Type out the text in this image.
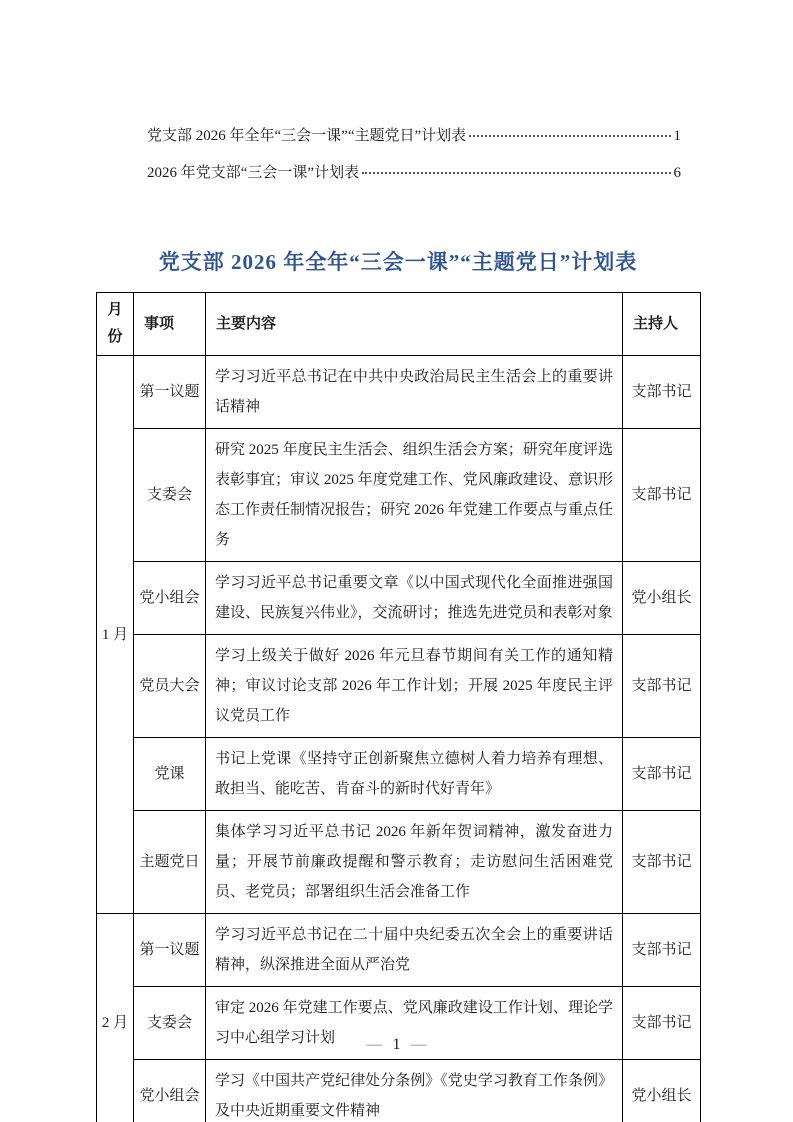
党支部 2026 年全年“三会一课”“主题党日”计划表	1
2026 年党支部“三会一课”计划表	6
党支部 2026 年全年“三会一课”“主题党日”计划表
月份	事项	主要内容	主持人
1 月	第一议题	学习习近平总书记在中共中央政治局民主生活会上的重要讲话精神	支部书记
	支委会	研究 2025 年度民主生活会、组织生活会方案；研究年度评选表彰事宜；审议 2025 年度党建工作、党风廉政建设、意识形态工作责任制情况报告；研究 2026 年党建工作要点与重点任务	支部书记
	党小组会	学习习近平总书记重要文章《以中国式现代化全面推进强国建设、民族复兴伟业》，交流研讨；推选先进党员和表彰对象	党小组长
	党员大会	学习上级关于做好 2026 年元旦春节期间有关工作的通知精神；审议讨论支部 2026 年工作计划；开展 2025 年度民主评议党员工作	支部书记
	党课	书记上党课《坚持守正创新聚焦立德树人着力培养有理想、敢担当、能吃苦、肯奋斗的新时代好青年》	支部书记
	主题党日	集体学习习近平总书记 2026 年新年贺词精神，激发奋进力量；开展节前廉政提醒和警示教育；走访慰问生活困难党员、老党员；部署组织生活会准备工作	支部书记
2 月	第一议题	学习习近平总书记在二十届中央纪委五次全会上的重要讲话精神，纵深推进全面从严治党	支部书记
	支委会	审定 2026 年党建工作要点、党风廉政建设工作计划、理论学习中心组学习计划	支部书记
	党小组会	学习《中国共产党纪律处分条例》《党史学习教育工作条例》及中央近期重要文件精神	党小组长
— 1 —
